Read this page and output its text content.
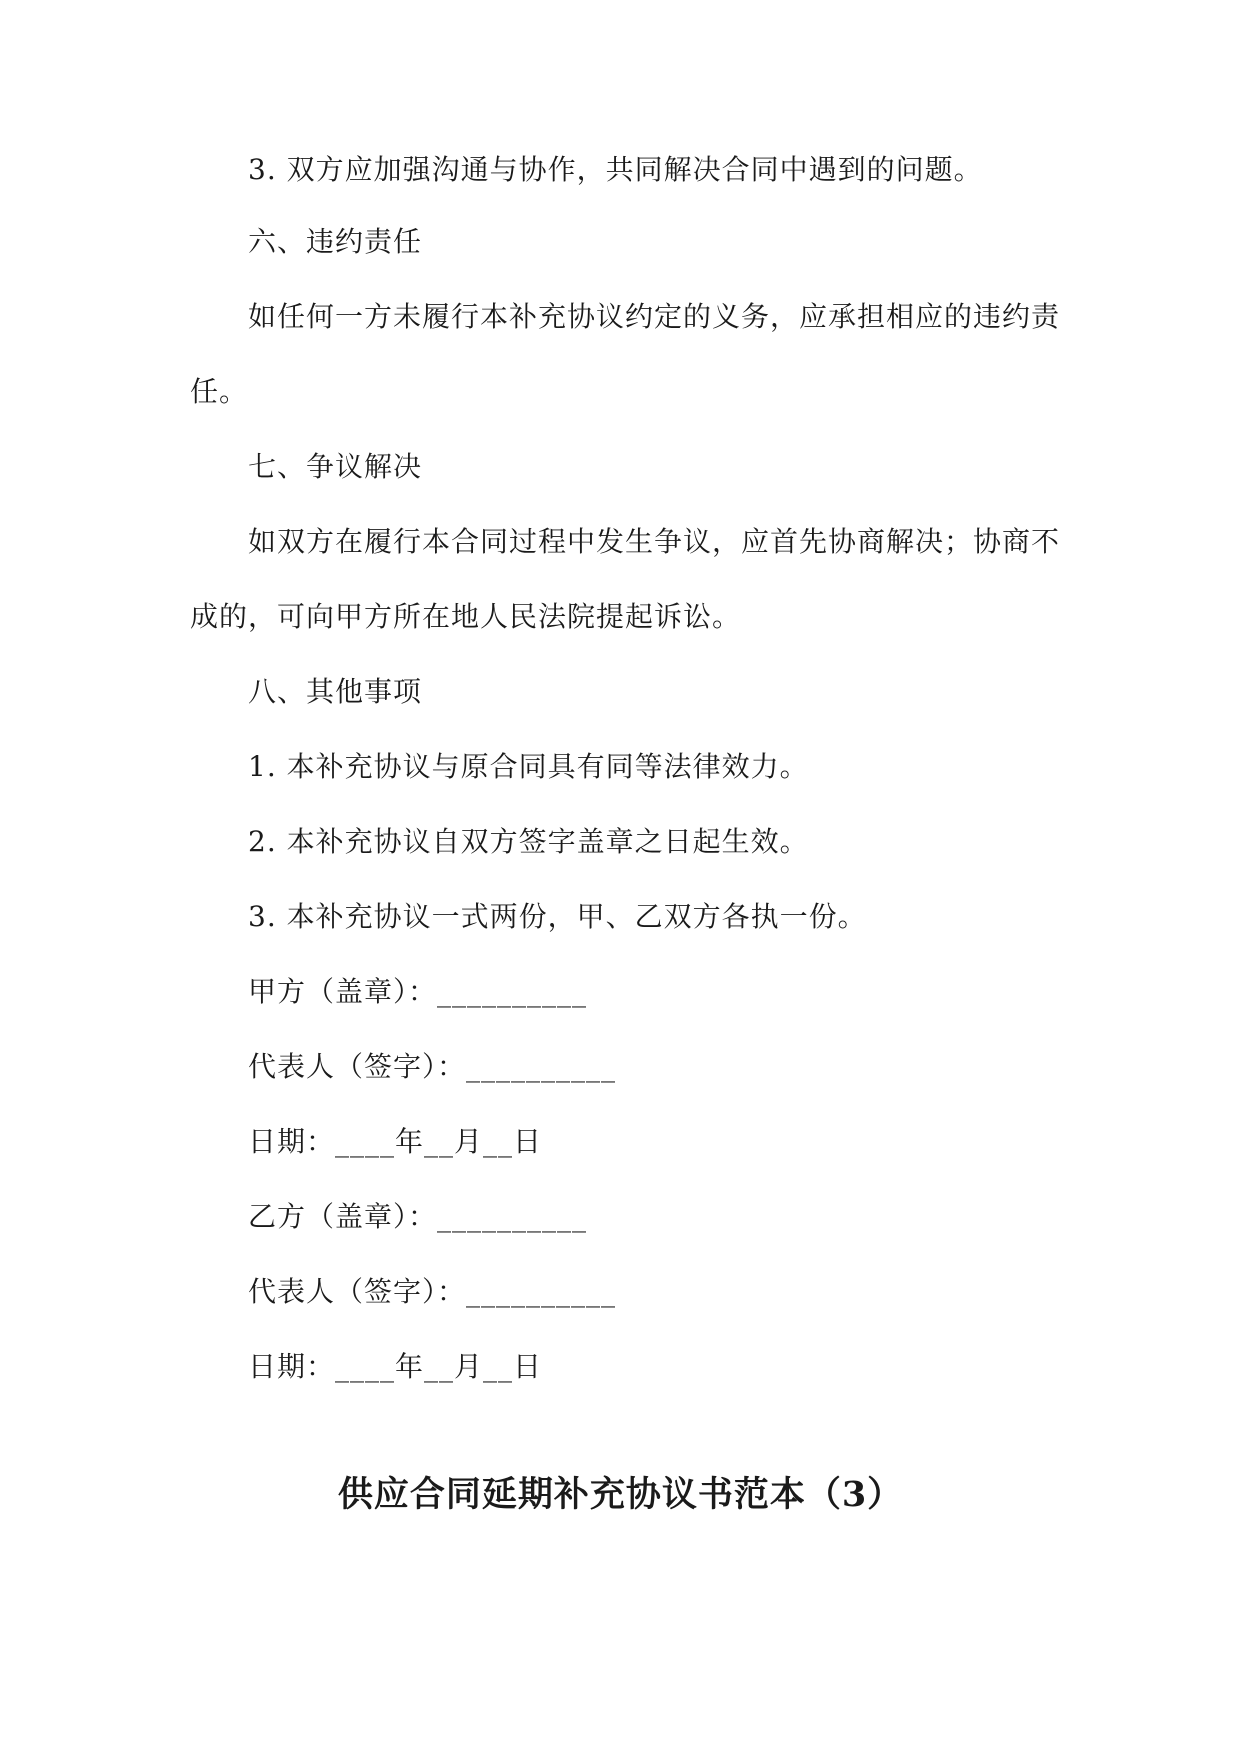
3. 双方应加强沟通与协作，共同解决合同中遇到的问题。
六、违约责任
如任何一方未履行本补充协议约定的义务，应承担相应的违约责
任。
七、争议解决
如双方在履行本合同过程中发生争议，应首先协商解决；协商不
成的，可向甲方所在地人民法院提起诉讼。
八、其他事项
1. 本补充协议与原合同具有同等法律效力。
2. 本补充协议自双方签字盖章之日起生效。
3. 本补充协议一式两份，甲、乙双方各执一份。
甲方（盖章）：__________
代表人（签字）：__________
日期：____年__月__日
乙方（盖章）：__________
代表人（签字）：__________
日期：____年__月__日
供应合同延期补充协议书范本（3）
